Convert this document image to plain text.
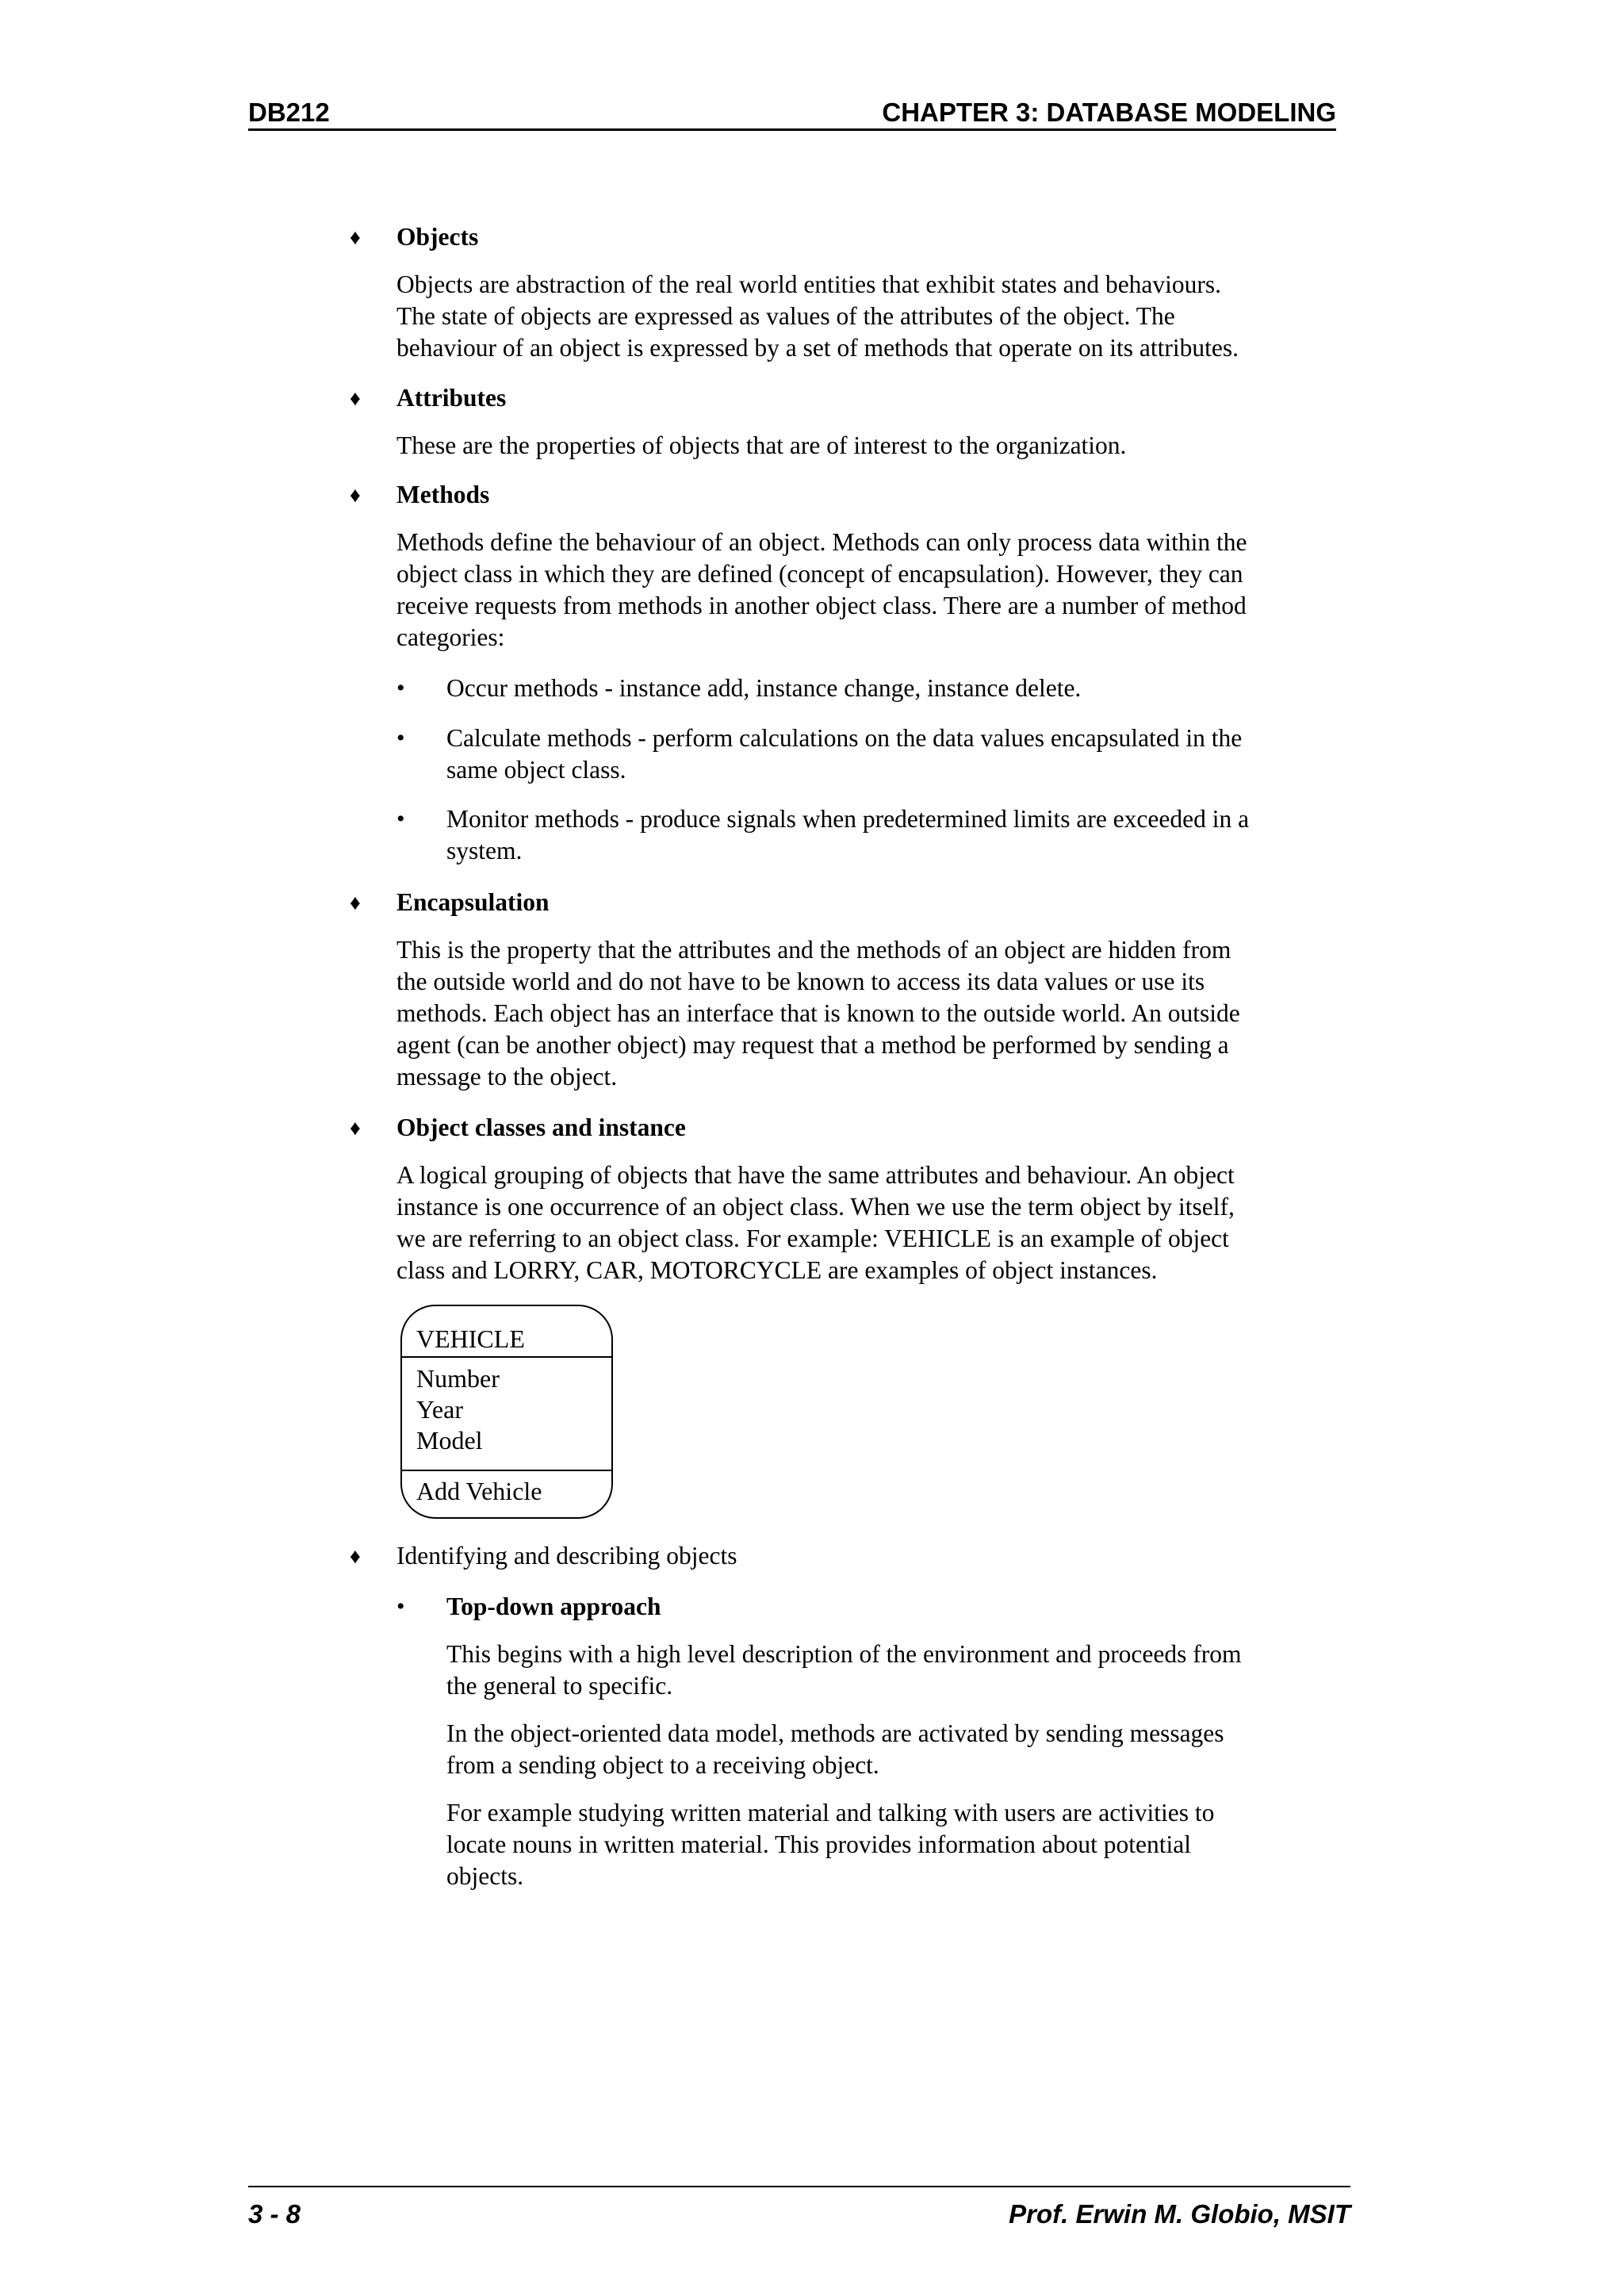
DB212	CHAPTER 3: DATABASE MODELING
♦ Objects
Objects are abstraction of the real world entities that exhibit states and behaviours.
The state of objects are expressed as values of the attributes of the object. The
behaviour of an object is expressed by a set of methods that operate on its attributes.
♦ Attributes
These are the properties of objects that are of interest to the organization.
♦ Methods
Methods define the behaviour of an object. Methods can only process data within the
object class in which they are defined (concept of encapsulation). However, they can
receive requests from methods in another object class. There are a number of method
categories:
• Occur methods - instance add, instance change, instance delete.
• Calculate methods - perform calculations on the data values encapsulated in the
same object class.
• Monitor methods - produce signals when predetermined limits are exceeded in a
system.
♦ Encapsulation
This is the property that the attributes and the methods of an object are hidden from
the outside world and do not have to be known to access its data values or use its
methods. Each object has an interface that is known to the outside world. An outside
agent (can be another object) may request that a method be performed by sending a
message to the object.
♦ Object classes and instance
A logical grouping of objects that have the same attributes and behaviour. An object
instance is one occurrence of an object class. When we use the term object by itself,
we are referring to an object class. For example: VEHICLE is an example of object
class and LORRY, CAR, MOTORCYCLE are examples of object instances.
VEHICLE
Number
Year
Model
Add Vehicle
♦ Identifying and describing objects
• Top-down approach
This begins with a high level description of the environment and proceeds from
the general to specific.
In the object-oriented data model, methods are activated by sending messages
from a sending object to a receiving object.
For example studying written material and talking with users are activities to
locate nouns in written material. This provides information about potential
objects.
3 - 8	Prof. Erwin M. Globio, MSIT
